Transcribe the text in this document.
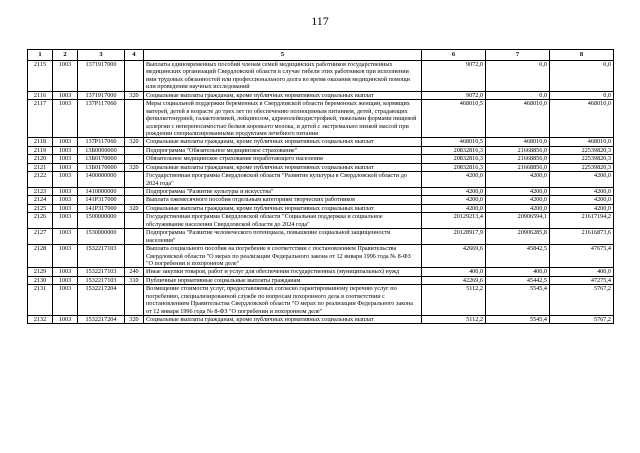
117
1	2	3	4	5	6	7	8
2115	1003	1371917000		Выплаты единовременных пособий членам семей медицинских работников государственных медицинских организаций Свердловской области в случае гибели этих работников при исполнении ими трудовых обязанностей или профессионального долга во время оказания медицинской помощи или проведения научных исследований	9072,0	0,0	0,0
2116	1003	1371917000	320	Социальные выплаты гражданам, кроме публичных нормативных социальных выплат	9072,0	0,0	0,0
2117	1003	137P117060		Меры социальной поддержки беременных в Свердловской области беременных женщин, кормящих матерей, детей в возрасте до трех лет по обеспечению полноценным питанием, детей, страдающих фенилкетонурией, галактоземией, лейцинозом, адренолейкодистрофией, тяжелыми формами пищевой аллергии с непереносимостью белков коровьего молока, и детей с экстремально низкой массой при рождении специализированными продуктами лечебного питания	468010,5	468010,0	468010,0
2118	1003	137P117060	320	Социальные выплаты гражданам, кроме публичных нормативных социальных выплат	468010,5	468010,0	468010,0
2119	1003	13Б0000000		Подпрограмма "Обязательное медицинское страхование"	20832816,3	21668856,0	22539820,3
2120	1003	13Б0170000		Обязательное медицинское страхование неработающего населения	20832816,3	21668856,0	22539820,3
2121	1003	13Б0170000	320	Социальные выплаты гражданам, кроме публичных нормативных социальных выплат	20832816,3	21668856,0	22539820,3
2122	1003	1400000000		Государственная программа Свердловской области "Развитие культуры в Свердловской области до 2024 года"	4200,0	4200,0	4200,0
2123	1003	1410000000		Подпрограмма "Развитие культуры и искусства"	4200,0	4200,0	4200,0
2124	1003	141P317000		Выплата ежемесячного пособия отдельным категориям творческих работников	4200,0	4200,0	4200,0
2125	1003	141P317000	320	Социальные выплаты гражданам, кроме публичных нормативных социальных выплат	4200,0	4200,0	4200,0
2126	1003	1500000000		Государственная программа Свердловской области "Социальная поддержка и социальное обслуживание населения Свердловской области до 2024 года"	20129213,4	20906594,1	21617194,2
2127	1003	1530000000		Подпрограмма "Развитие человеческого потенциала, повышение социальной защищенности населения"	20128917,9	20906285,8	21616873,6
2128	1003	1532217103		Выплата социального пособия на погребение в соответствии с постановлением Правительства Свердловской области "О мерах по реализации Федерального закона от 12 января 1996 года № 8-ФЗ "О погребении и похоронном деле"	42669,6	45842,5	47675,4
2129	1003	1532217103	240	Иные закупки товаров, работ и услуг для обеспечения государственных (муниципальных) нужд	400,0	400,0	400,0
2130	1003	1532217103	310	Публичные нормативные социальные выплаты гражданам	42269,6	45442,5	47275,4
2131	1003	1532217204		Возмещение стоимости услуг, предоставляемых согласно гарантированному перечню услуг по погребению, специализированной службе по вопросам похоронного дела в соответствии с постановлением Правительства Свердловской области "О мерах по реализации Федерального закона от 12 января 1996 года № 8-ФЗ "О погребении и похоронном деле"	5112,2	5545,4	5767,2
2132	1003	1532217204	320	Социальные выплаты гражданам, кроме публичных нормативных социальных выплат	5112,2	5545,4	5767,2
